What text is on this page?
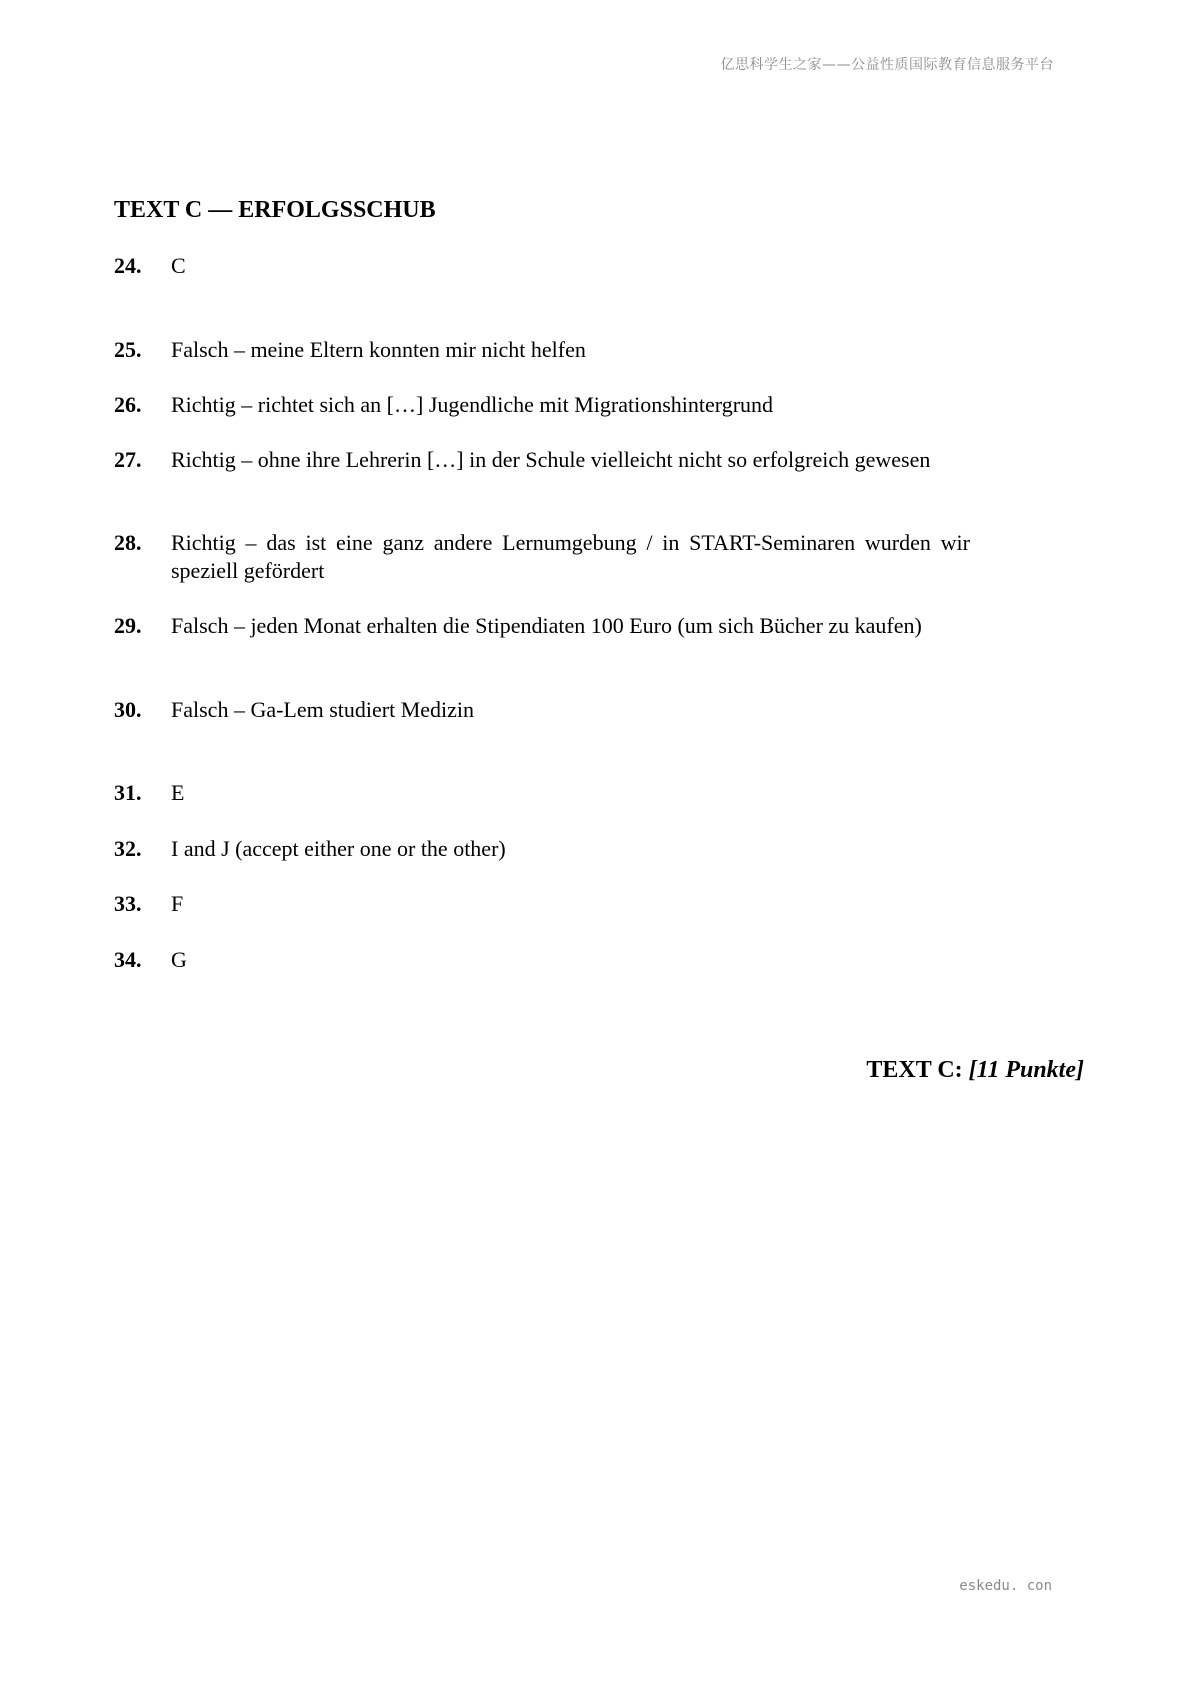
亿思科学生之家——公益性质国际教育信息服务平台
TEXT C — ERFOLGSSCHUB
24.	C
25.	Falsch – meine Eltern konnten mir nicht helfen
26.	Richtig – richtet sich an […] Jugendliche mit Migrationshintergrund
27.	Richtig – ohne ihre Lehrerin […] in der Schule vielleicht nicht so erfolgreich gewesen
28.	Richtig – das ist eine ganz andere Lernumgebung / in START-Seminaren wurden wir speziell gefördert
29.	Falsch – jeden Monat erhalten die Stipendiaten 100 Euro (um sich Bücher zu kaufen)
30.	Falsch – Ga-Lem studiert Medizin
31.	E
32.	I and J (accept either one or the other)
33.	F
34.	G
TEXT C: [11 Punkte]
eskedu. con
